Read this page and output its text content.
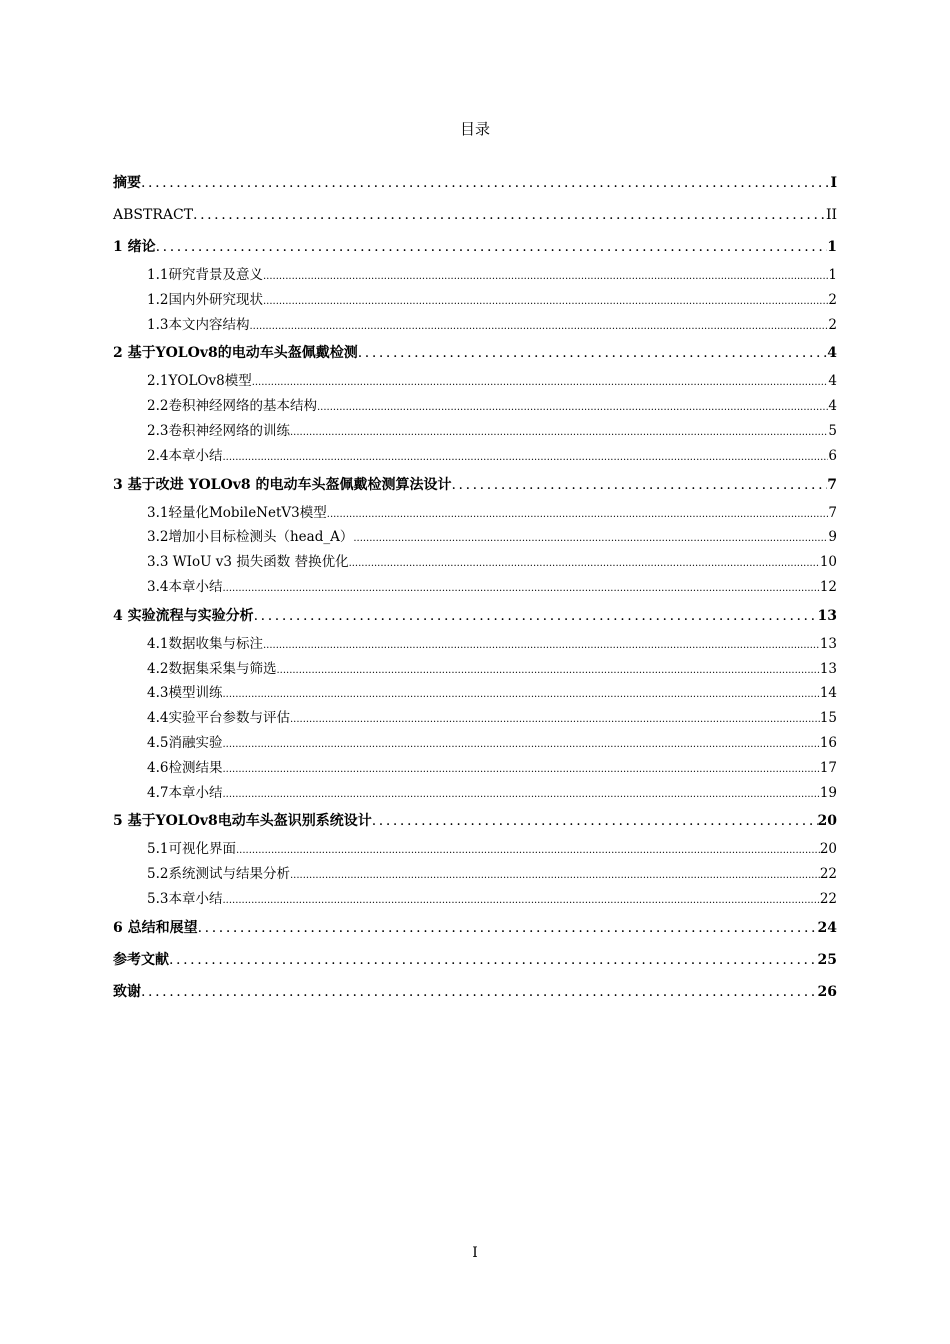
目录
摘要 .....	I
ABSTRACT .....	II
1 绪论 .....	1
1.1研究背景及意义 .....	1
1.2国内外研究现状 .....	2
1.3本文内容结构 .....	2
2 基于YOLOv8的电动车头盔佩戴检测 .....	4
2.1YOLOv8模型 .....	4
2.2卷积神经网络的基本结构 .....	4
2.3卷积神经网络的训练 .....	5
2.4本章小结 .....	6
3 基于改进 YOLOv8 的电动车头盔佩戴检测算法设计 .....	7
3.1轻量化MobileNetV3模型 .....	7
3.2增加小目标检测头（head_A） .....	9
3.3 WIoU v3 损失函数 替换优化 .....	10
3.4本章小结 .....	12
4 实验流程与实验分析 .....	13
4.1数据收集与标注 .....	13
4.2数据集采集与筛选 .....	13
4.3模型训练 .....	14
4.4实验平台参数与评估 .....	15
4.5消融实验 .....	16
4.6检测结果 .....	17
4.7本章小结 .....	19
5 基于YOLOv8电动车头盔识别系统设计 .....	20
5.1可视化界面 .....	20
5.2系统测试与结果分析 .....	22
5.3本章小结 .....	22
6 总结和展望 .....	24
参考文献 .....	25
致谢 .....	26
I
